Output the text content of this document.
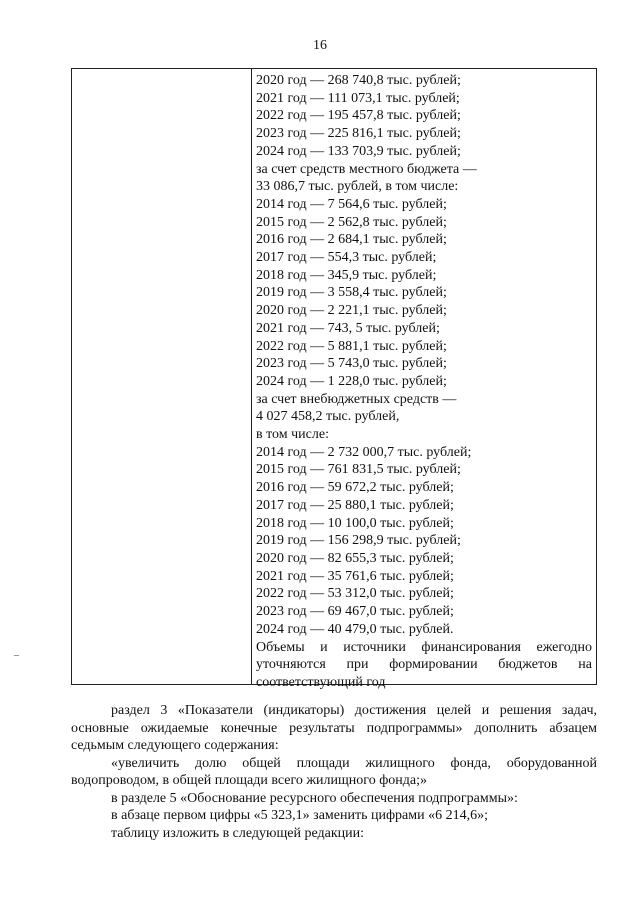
16
2020 год — 268 740,8 тыс. рублей;
2021 год — 111 073,1 тыс. рублей;
2022 год — 195 457,8 тыс. рублей;
2023 год — 225 816,1 тыс. рублей;
2024 год — 133 703,9 тыс. рублей;
за счет средств местного бюджета —
33 086,7 тыс. рублей, в том числе:
2014 год — 7 564,6 тыс. рублей;
2015 год — 2 562,8 тыс. рублей;
2016 год — 2 684,1 тыс. рублей;
2017 год — 554,3 тыс. рублей;
2018 год — 345,9 тыс. рублей;
2019 год — 3 558,4 тыс. рублей;
2020 год — 2 221,1 тыс. рублей;
2021 год — 743, 5 тыс. рублей;
2022 год — 5 881,1 тыс. рублей;
2023 год — 5 743,0 тыс. рублей;
2024 год — 1 228,0 тыс. рублей;
за счет внебюджетных средств —
4 027 458,2 тыс. рублей,
в том числе:
2014 год — 2 732 000,7 тыс. рублей;
2015 год — 761 831,5 тыс. рублей;
2016 год — 59 672,2 тыс. рублей;
2017 год — 25 880,1 тыс. рублей;
2018 год — 10 100,0 тыс. рублей;
2019 год — 156 298,9 тыс. рублей;
2020 год — 82 655,3 тыс. рублей;
2021 год — 35 761,6 тыс. рублей;
2022 год — 53 312,0 тыс. рублей;
2023 год — 69 467,0 тыс. рублей;
2024 год — 40 479,0 тыс. рублей.
Объемы и источники финансирования ежегодно уточняются при формировании бюджетов на соответствующий год

раздел 3 «Показатели (индикаторы) достижения целей и решения задач, основные ожидаемые конечные результаты подпрограммы» дополнить абзацем седьмым следующего содержания:

«увеличить долю общей площади жилищного фонда, оборудованной водопроводом, в общей площади всего жилищного фонда;»

в разделе 5 «Обоснование ресурсного обеспечения подпрограммы»:

в абзаце первом цифры «5 323,1» заменить цифрами «6 214,6»;

таблицу изложить в следующей редакции:
